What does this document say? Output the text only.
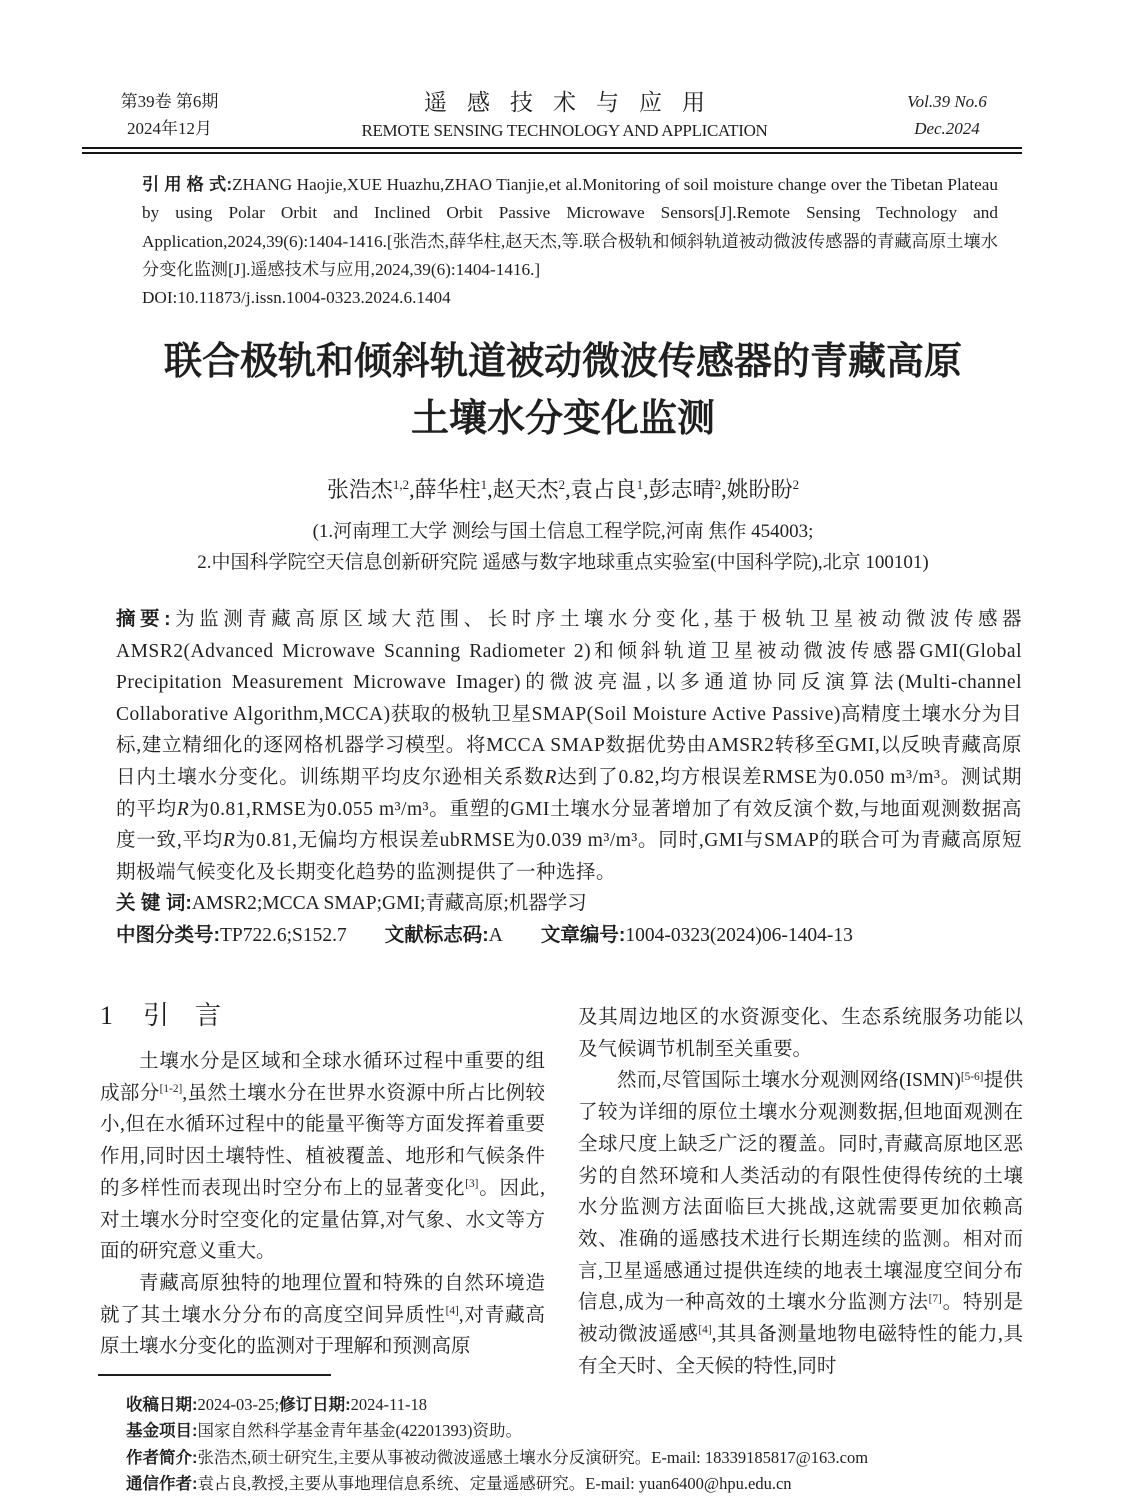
第39卷 第6期
2024年12月
遥感技术与应用
REMOTE SENSING TECHNOLOGY AND APPLICATION
Vol.39 No.6
Dec.2024
引 用 格 式:ZHANG Haojie,XUE Huazhu,ZHAO Tianjie,et al.Monitoring of soil moisture change over the Tibetan Plateau by using Polar Orbit and Inclined Orbit Passive Microwave Sensors[J].Remote Sensing Technology and Application,2024,39(6):1404-1416.[张浩杰,薛华柱,赵天杰,等.联合极轨和倾斜轨道被动微波传感器的青藏高原土壤水分变化监测[J].遥感技术与应用,2024,39(6):1404-1416.]
DOI:10.11873/j.issn.1004-0323.2024.6.1404
联合极轨和倾斜轨道被动微波传感器的青藏高原
土壤水分变化监测
张浩杰$^{1,2}$,薛华柱$^1$,赵天杰$^2$,袁占良$^1$,彭志晴$^2$,姚盼盼$^2$
(1.河南理工大学 测绘与国土信息工程学院,河南 焦作 454003;
2.中国科学院空天信息创新研究院 遥感与数字地球重点实验室(中国科学院),北京 100101)

摘要:为监测青藏高原区域大范围、长时序土壤水分变化,基于极轨卫星被动微波传感器AMSR2(Advanced Microwave Scanning Radiometer 2)和倾斜轨道卫星被动微波传感器GMI(Global Precipitation Measurement Microwave Imager)的微波亮温,以多通道协同反演算法(Multi-channel Collaborative Algorithm,MCCA)获取的极轨卫星SMAP(Soil Moisture Active Passive)高精度土壤水分为目标,建立精细化的逐网格机器学习模型。将MCCA SMAP数据优势由AMSR2转移至GMI,以反映青藏高原日内土壤水分变化。训练期平均皮尔逊相关系数R达到了0.82,均方根误差RMSE为0.050 m³/m³。测试期的平均R为0.81,RMSE为0.055 m³/m³。重塑的GMI土壤水分显著增加了有效反演个数,与地面观测数据高度一致,平均R为0.81,无偏均方根误差ubRMSE为0.039 m³/m³。同时,GMI与SMAP的联合可为青藏高原短期极端气候变化及长期变化趋势的监测提供了一种选择。

关 键 词:AMSR2;MCCA SMAP;GMI;青藏高原;机器学习

中图分类号:TP722.6;S152.7 文献标志码:A 文章编号:1004-0323(2024)06-1404-13

1 引　言

土壤水分是区域和全球水循环过程中重要的组成部分[1-2],虽然土壤水分在世界水资源中所占比例较小,但在水循环过程中的能量平衡等方面发挥着重要作用,同时因土壤特性、植被覆盖、地形和气候条件的多样性而表现出时空分布上的显著变化[3]。因此,对土壤水分时空变化的定量估算,对气象、水文等方面的研究意义重大。

青藏高原独特的地理位置和特殊的自然环境造就了其土壤水分分布的高度空间异质性[4],对青藏高原土壤水分变化的监测对于理解和预测高原

及其周边地区的水资源变化、生态系统服务功能以及气候调节机制至关重要。

然而,尽管国际土壤水分观测网络(ISMN)[5-6]提供了较为详细的原位土壤水分观测数据,但地面观测在全球尺度上缺乏广泛的覆盖。同时,青藏高原地区恶劣的自然环境和人类活动的有限性使得传统的土壤水分监测方法面临巨大挑战,这就需要更加依赖高效、准确的遥感技术进行长期连续的监测。相对而言,卫星遥感通过提供连续的地表土壤湿度空间分布信息,成为一种高效的土壤水分监测方法[7]。特别是被动微波遥感[4],其具备测量地物电磁特性的能力,具有全天时、全天候的特性,同时

收稿日期:2024-03-25;修订日期:2024-11-18

基金项目:国家自然科学基金青年基金(42201393)资助。

作者简介:张浩杰,硕士研究生,主要从事被动微波遥感土壤水分反演研究。E-mail: 18339185817@163.com

通信作者:袁占良,教授,主要从事地理信息系统、定量遥感研究。E-mail: yuan6400@hpu.edu.cn
